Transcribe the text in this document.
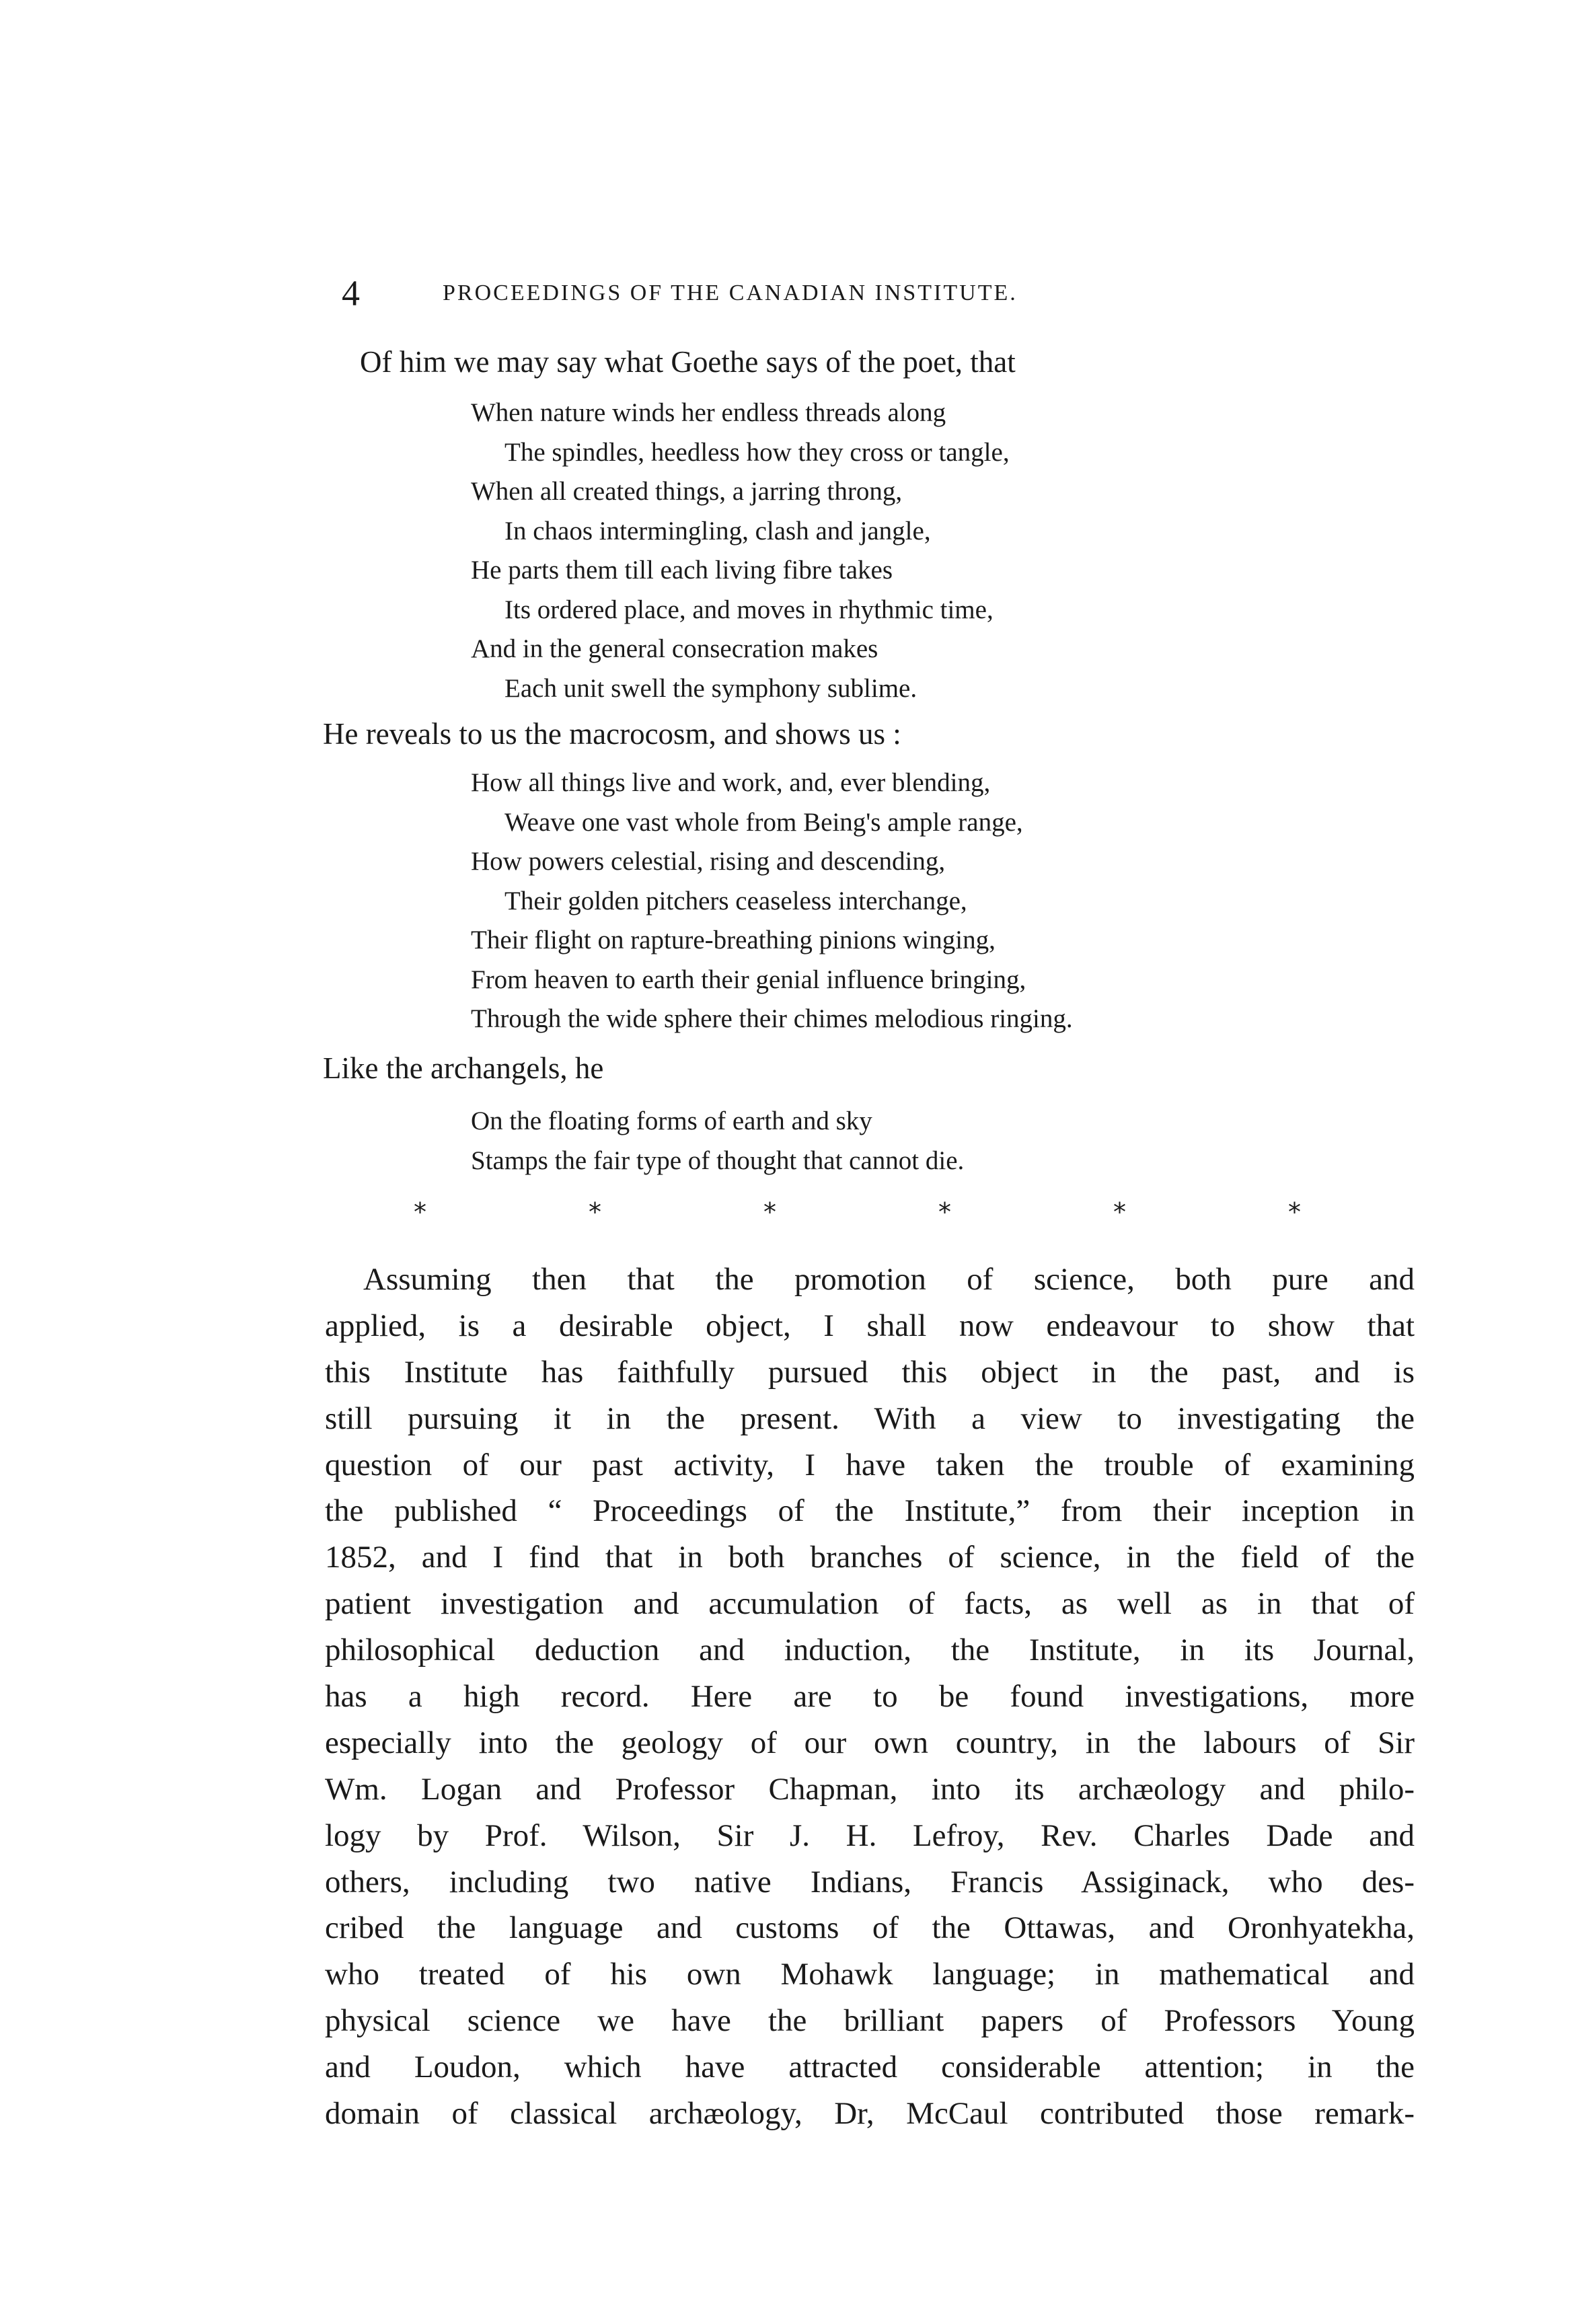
4	PROCEEDINGS OF THE CANADIAN INSTITUTE.
Of him we may say what Goethe says of the poet, that
When nature winds her endless threads along
The spindles, heedless how they cross or tangle,
When all created things, a jarring throng,
In chaos intermingling, clash and jangle,
He parts them till each living fibre takes
Its ordered place, and moves in rhythmic time,
And in the general consecration makes
Each unit swell the symphony sublime.
He reveals to us the macrocosm, and shows us :
How all things live and work, and, ever blending,
Weave one vast whole from Being's ample range,
How powers celestial, rising and descending,
Their golden pitchers ceaseless interchange,
Their flight on rapture-breathing pinions winging,
From heaven to earth their genial influence bringing,
Through the wide sphere their chimes melodious ringing.
Like the archangels, he
On the floating forms of earth and sky
Stamps the fair type of thought that cannot die.
*	*	*	*	*	*
Assuming then that the promotion of science, both pure and
applied, is a desirable object, I shall now endeavour to show that
this Institute has faithfully pursued this object in the past, and is
still pursuing it in the present. With a view to investigating the
question of our past activity, I have taken the trouble of examining
the published “ Proceedings of the Institute,” from their inception in
1852, and I find that in both branches of science, in the field of the
patient investigation and accumulation of facts, as well as in that of
philosophical deduction and induction, the Institute, in its Journal,
has a high record. Here are to be found investigations, more
especially into the geology of our own country, in the labours of Sir
Wm. Logan and Professor Chapman, into its archæology and philo-
logy by Prof. Wilson, Sir J. H. Lefroy, Rev. Charles Dade and
others, including two native Indians, Francis Assiginack, who des-
cribed the language and customs of the Ottawas, and Oronhyatekha,
who treated of his own Mohawk language; in mathematical and
physical science we have the brilliant papers of Professors Young
and Loudon, which have attracted considerable attention; in the
domain of classical archæology, Dr, McCaul contributed those remark-
